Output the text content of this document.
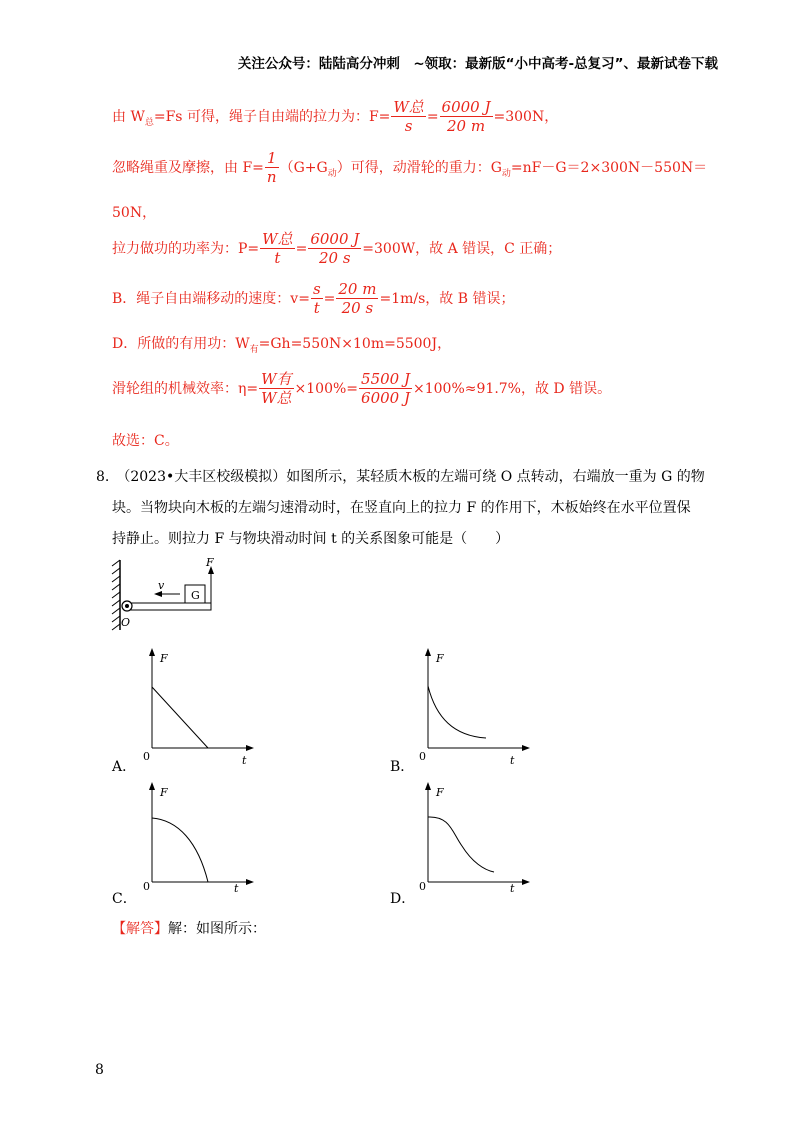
关注公众号：陆陆高分冲刺　~领取：最新版“小中高考-总复习”、最新试卷下载
由 $W_总=Fs$ 可得，绳子自由端的拉力为：$F= \frac{\text{W总}}{s} = \frac{6000 J}{20 m} =300N$，
忽略绳重及摩擦，由 $F= \frac{1}{n} (G+G_动)$可得，动滑轮的重力：$G_动=nF-G=2\times 300N-550N=$
50N，
拉力做功的功率为：$P= \frac{\text{W总}}{t} = \frac{6000 J}{20 s} =300W$，故 A 错误，C 正确；
B．绳子自由端移动的速度：$v= \frac{s}{t} = \frac{20 m}{20 s} =1m/s$，故 B 错误；
D．所做的有用功：$W_有=Gh=550N\times 10m=5500J$，
滑轮组的机械效率：$\eta= \frac{\text{W有}}{\text{W总}} \times 100\%= \frac{5500 J}{6000 J} \times 100\%\approx 91.7\%$，故 D 错误。
故选：C。
8.　（2023•大丰区校级模拟）如图所示，某轻质木板的左端可绕 O 点转动，右端放一重为 G 的物
块。当物块向木板的左端匀速滑动时，在竖直向上的拉力 F 的作用下，木板始终在水平位置保
持静止。则拉力 F 与物块滑动时间 t 的关系图象可能是（　　）
G
F
v
O
F
t
0
A．
F
t
0
B．
F
t
0
C．
F
t
0
D．
【解答】解：如图所示：
8
